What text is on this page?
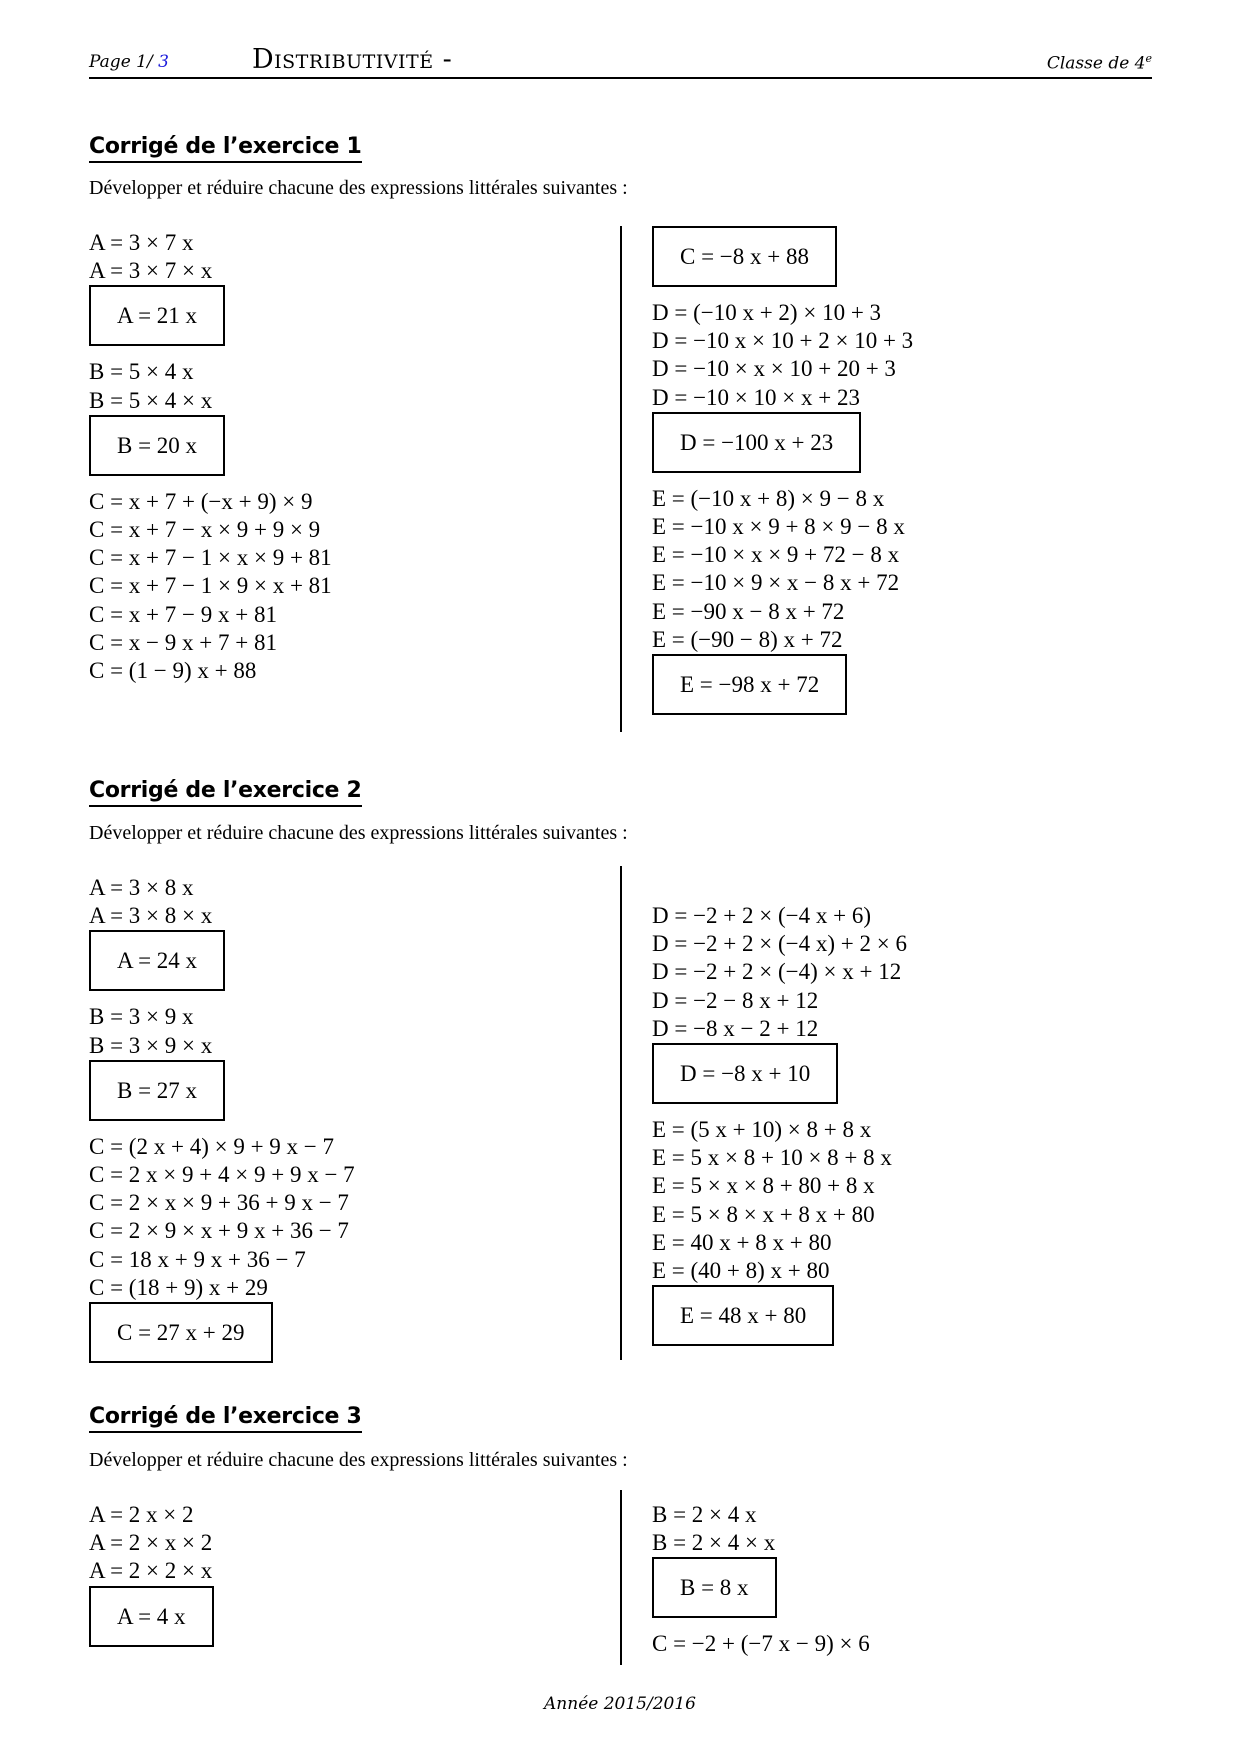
Page 1/ 3	Distributivité -	Classe de 4e
Corrigé de l’exercice 1
Développer et réduire chacune des expressions littérales suivantes :
A = 3 × 7 x
A = 3 × 7 × x
A = 21 x
B = 5 × 4 x
B = 5 × 4 × x
B = 20 x
C = x + 7 + (−x + 9) × 9
C = x + 7 − x × 9 + 9 × 9
C = x + 7 − 1 × x × 9 + 81
C = x + 7 − 1 × 9 × x + 81
C = x + 7 − 9 x + 81
C = x − 9 x + 7 + 81
C = (1 − 9) x + 88
C = −8 x + 88
D = (−10 x + 2) × 10 + 3
D = −10 x × 10 + 2 × 10 + 3
D = −10 × x × 10 + 20 + 3
D = −10 × 10 × x + 23
D = −100 x + 23
E = (−10 x + 8) × 9 − 8 x
E = −10 x × 9 + 8 × 9 − 8 x
E = −10 × x × 9 + 72 − 8 x
E = −10 × 9 × x − 8 x + 72
E = −90 x − 8 x + 72
E = (−90 − 8) x + 72
E = −98 x + 72
Corrigé de l’exercice 2
Développer et réduire chacune des expressions littérales suivantes :
A = 3 × 8 x
A = 3 × 8 × x
A = 24 x
B = 3 × 9 x
B = 3 × 9 × x
B = 27 x
C = (2 x + 4) × 9 + 9 x − 7
C = 2 x × 9 + 4 × 9 + 9 x − 7
C = 2 × x × 9 + 36 + 9 x − 7
C = 2 × 9 × x + 9 x + 36 − 7
C = 18 x + 9 x + 36 − 7
C = (18 + 9) x + 29
C = 27 x + 29
D = −2 + 2 × (−4 x + 6)
D = −2 + 2 × (−4 x) + 2 × 6
D = −2 + 2 × (−4) × x + 12
D = −2 − 8 x + 12
D = −8 x − 2 + 12
D = −8 x + 10
E = (5 x + 10) × 8 + 8 x
E = 5 x × 8 + 10 × 8 + 8 x
E = 5 × x × 8 + 80 + 8 x
E = 5 × 8 × x + 8 x + 80
E = 40 x + 8 x + 80
E = (40 + 8) x + 80
E = 48 x + 80
Corrigé de l’exercice 3
Développer et réduire chacune des expressions littérales suivantes :
A = 2 x × 2
A = 2 × x × 2
A = 2 × 2 × x
A = 4 x
B = 2 × 4 x
B = 2 × 4 × x
B = 8 x
C = −2 + (−7 x − 9) × 6
Année 2015/2016
